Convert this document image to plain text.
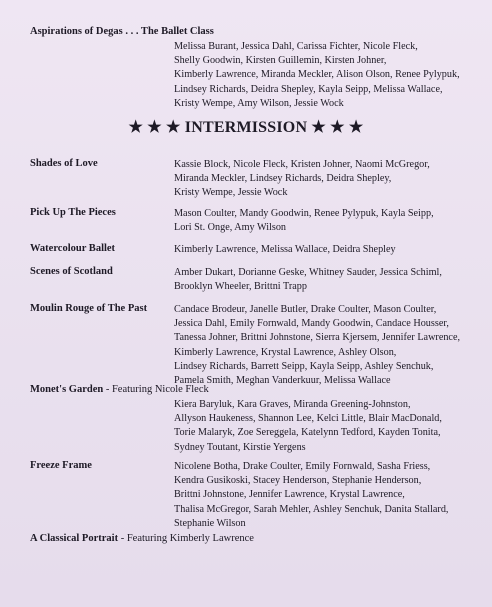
Aspirations of Degas . . . The Ballet Class
Melissa Burant, Jessica Dahl, Carissa Fichter, Nicole Fleck,
Shelly Goodwin, Kirsten Guillemin, Kirsten Johner,
Kimberly Lawrence, Miranda Meckler, Alison Olson, Renee Pylypuk,
Lindsey Richards, Deidra Shepley, Kayla Seipp, Melissa Wallace,
Kristy Wempe, Amy Wilson, Jessie Wock
★ ★ ★ INTERMISSION ★ ★ ★
Shades of Love	Kassie Block, Nicole Fleck, Kristen Johner, Naomi McGregor,
Miranda Meckler, Lindsey Richards, Deidra Shepley,
Kristy Wempe, Jessie Wock
Pick Up The Pieces	Mason Coulter, Mandy Goodwin, Renee Pylypuk, Kayla Seipp,
Lori St. Onge, Amy Wilson
Watercolour Ballet	Kimberly Lawrence, Melissa Wallace, Deidra Shepley
Scenes of Scotland	Amber Dukart, Dorianne Geske, Whitney Sauder, Jessica Schiml,
Brooklyn Wheeler, Brittni Trapp
Moulin Rouge of The Past	Candace Brodeur, Janelle Butler, Drake Coulter, Mason Coulter,
Jessica Dahl, Emily Fornwald, Mandy Goodwin, Candace Housser,
Tanessa Johner, Brittni Johnstone, Sierra Kjersem, Jennifer Lawrence,
Kimberly Lawrence, Krystal Lawrence, Ashley Olson,
Lindsey Richards, Barrett Seipp, Kayla Seipp, Ashley Senchuk,
Pamela Smith, Meghan Vanderkuur, Melissa Wallace
Monet's Garden - Featuring Nicole Fleck
Kiera Baryluk, Kara Graves, Miranda Greening-Johnston,
Allyson Haukeness, Shannon Lee, Kelci Little, Blair MacDonald,
Torie Malaryk, Zoe Sereggela, Katelynn Tedford, Kayden Tonita,
Sydney Toutant, Kirstie Yergens
Freeze Frame	Nicolene Botha, Drake Coulter, Emily Fornwald, Sasha Friess,
Kendra Gusikoski, Stacey Henderson, Stephanie Henderson,
Brittni Johnstone, Jennifer Lawrence, Krystal Lawrence,
Thalisa McGregor, Sarah Mehler, Ashley Senchuk, Danita Stallard,
Stephanie Wilson
A Classical Portrait - Featuring Kimberly Lawrence
